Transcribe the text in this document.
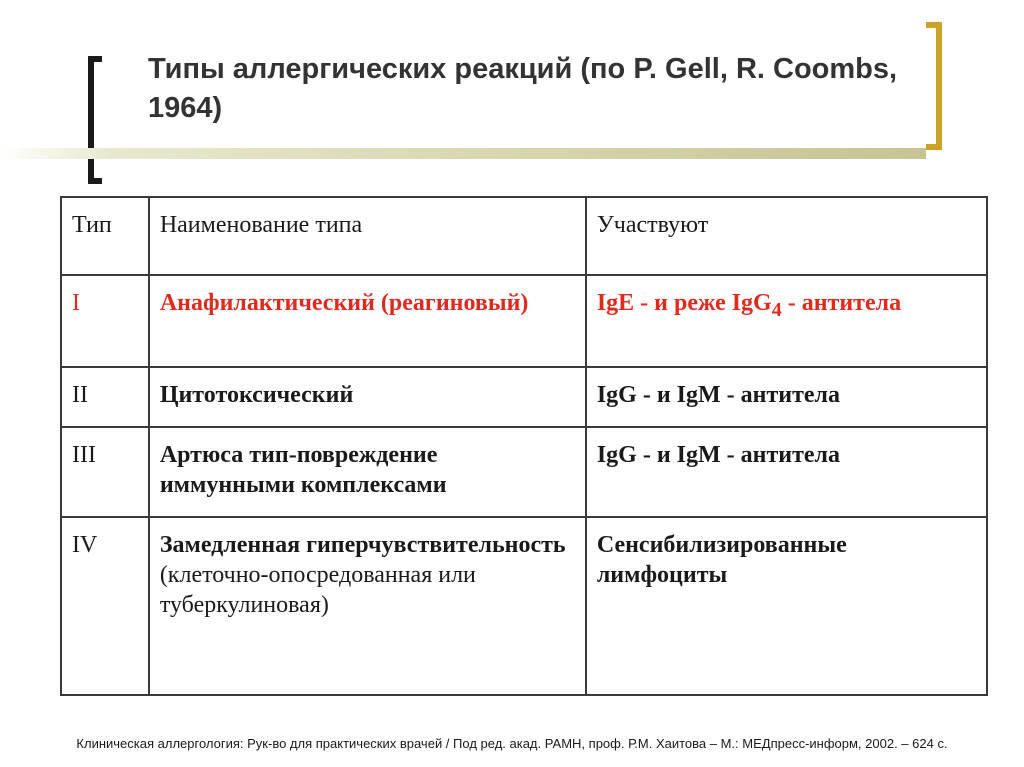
Типы аллергических реакций (по P. Gell, R. Coombs, 1964)
Тип	Наименование типа	Участвуют
I	Анафилактический (реагиновый)	IgE - и реже IgG$_4$ - антитела
II	Цитотоксический	IgG - и IgM - антитела
III	Артюса тип-повреждение иммунными комплексами	IgG - и IgM - антитела
IV	Замедленная гиперчувствительность (клеточно-опосредованная или туберкулиновая)	Сенсибилизированные лимфоциты
Клиническая аллергология: Рук-во для практических врачей / Под ред. акад. РАМН, проф. Р.М. Хаитова – М.: МЕДпресс-информ, 2002. – 624 с.
